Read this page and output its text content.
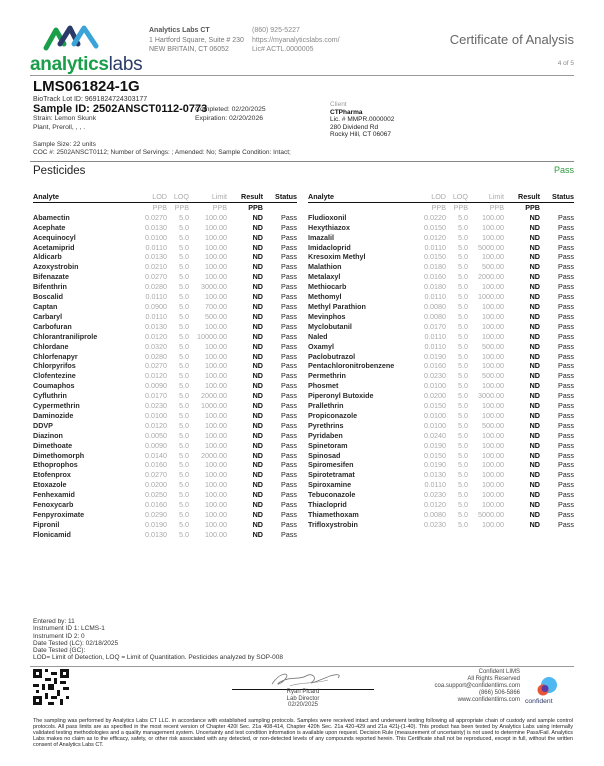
analyticslabs
Analytics Labs CT
1 Hartford Square, Suite # 230
NEW BRITAIN, CT 06052
(860) 925-5227
https://myanalyticslabs.com/
Lic# ACTL.0000005
Certificate of Analysis
4 of 5
LMS061824-1G
BioTrack Lot ID: 9691824724303177
Sample ID: 2502ANSCT0112-0773
Strain: Lemon Skunk
Plant, Preroll, , , .
Completed: 02/20/2025
Expiration: 02/20/2026
Client
CTPharma
Lic. # MMPR.0000002
280 Dividend Rd
Rocky Hill, CT 06067
Sample Size: 22 units
COC #: 2502ANSCT0112; Number of Servings: ; Amended: No; Sample Condition: Intact;
Pesticides	Pass
Analyte	LOD	LOQ	Limit	Result	Status
	PPB	PPB	PPB	PPB	
Abamectin	0.0270	5.0	100.00	ND	Pass
Acephate	0.0130	5.0	100.00	ND	Pass
Acequinocyl	0.0100	5.0	100.00	ND	Pass
Acetamiprid	0.0110	5.0	100.00	ND	Pass
Aldicarb	0.0130	5.0	100.00	ND	Pass
Azoxystrobin	0.0210	5.0	100.00	ND	Pass
Bifenazate	0.0270	5.0	100.00	ND	Pass
Bifenthrin	0.0280	5.0	3000.00	ND	Pass
Boscalid	0.0110	5.0	100.00	ND	Pass
Captan	0.0900	5.0	700.00	ND	Pass
Carbaryl	0.0110	5.0	500.00	ND	Pass
Carbofuran	0.0130	5.0	100.00	ND	Pass
Chlorantraniliprole	0.0120	5.0	10000.00	ND	Pass
Chlordane	0.0320	5.0	100.00	ND	Pass
Chlorfenapyr	0.0280	5.0	100.00	ND	Pass
Chlorpyrifos	0.0270	5.0	100.00	ND	Pass
Clofentezine	0.0120	5.0	100.00	ND	Pass
Coumaphos	0.0090	5.0	100.00	ND	Pass
Cyfluthrin	0.0170	5.0	2000.00	ND	Pass
Cypermethrin	0.0230	5.0	1000.00	ND	Pass
Daminozide	0.0100	5.0	100.00	ND	Pass
DDVP	0.0120	5.0	100.00	ND	Pass
Diazinon	0.0050	5.0	100.00	ND	Pass
Dimethoate	0.0090	5.0	100.00	ND	Pass
Dimethomorph	0.0140	5.0	2000.00	ND	Pass
Ethoprophos	0.0160	5.0	100.00	ND	Pass
Etofenprox	0.0270	5.0	100.00	ND	Pass
Etoxazole	0.0200	5.0	100.00	ND	Pass
Fenhexamid	0.0250	5.0	100.00	ND	Pass
Fenoxycarb	0.0160	5.0	100.00	ND	Pass
Fenpyroximate	0.0290	5.0	100.00	ND	Pass
Fipronil	0.0190	5.0	100.00	ND	Pass
Flonicamid	0.0130	5.0	100.00	ND	Pass
Analyte	LOD	LOQ	Limit	Result	Status
	PPB	PPB	PPB	PPB	
Fludioxonil	0.0220	5.0	100.00	ND	Pass
Hexythiazox	0.0150	5.0	100.00	ND	Pass
Imazalil	0.0120	5.0	100.00	ND	Pass
Imidacloprid	0.0110	5.0	5000.00	ND	Pass
Kresoxim Methyl	0.0150	5.0	100.00	ND	Pass
Malathion	0.0180	5.0	500.00	ND	Pass
Metalaxyl	0.0160	5.0	2000.00	ND	Pass
Methiocarb	0.0180	5.0	100.00	ND	Pass
Methomyl	0.0110	5.0	1000.00	ND	Pass
Methyl Parathion	0.0080	5.0	100.00	ND	Pass
Mevinphos	0.0080	5.0	100.00	ND	Pass
Myclobutanil	0.0170	5.0	100.00	ND	Pass
Naled	0.0110	5.0	100.00	ND	Pass
Oxamyl	0.0110	5.0	500.00	ND	Pass
Paclobutrazol	0.0190	5.0	100.00	ND	Pass
Pentachloronitrobenzene	0.0160	5.0	100.00	ND	Pass
Permethrin	0.0230	5.0	500.00	ND	Pass
Phosmet	0.0100	5.0	100.00	ND	Pass
Piperonyl Butoxide	0.0200	5.0	3000.00	ND	Pass
Prallethrin	0.0150	5.0	100.00	ND	Pass
Propiconazole	0.0100	5.0	100.00	ND	Pass
Pyrethrins	0.0100	5.0	500.00	ND	Pass
Pyridaben	0.0240	5.0	100.00	ND	Pass
Spinetoram	0.0190	5.0	100.00	ND	Pass
Spinosad	0.0150	5.0	100.00	ND	Pass
Spiromesifen	0.0190	5.0	100.00	ND	Pass
Spirotetramat	0.0130	5.0	100.00	ND	Pass
Spiroxamine	0.0110	5.0	100.00	ND	Pass
Tebuconazole	0.0230	5.0	100.00	ND	Pass
Thiacloprid	0.0120	5.0	100.00	ND	Pass
Thiamethoxam	0.0080	5.0	5000.00	ND	Pass
Trifloxystrobin	0.0230	5.0	100.00	ND	Pass
Entered by: 11
Instrument ID 1: LCMS-1
Instrument ID 2: 0
Date Tested (LC): 02/18/2025
Date Tested (GC):
LOD= Limit of Detection, LOQ = Limit of Quantitation. Pesticides analyzed by SOP-008
Ryan Picard
Lab Director
02/20/2025
Confident LIMS
All Rights Reserved
coa.support@confidentlims.com
(866) 506-5866
www.confidentlims.com confident
The sampling was performed by Analytics Labs CT LLC. in accordance with established sampling protocols. Samples were received intact and underwent testing following all appropriate chain of custody and sample control protocols. All pass limits are as specified in the most recent version of Chapter 420l Sec. 21a 408-414, Chapter 420h Sec. 21a 420-429 and 21a 421j-(1-40). This product has been tested by Analytics Labs using internally validated testing methodologies and a quality management system. Uncertainty and test condition information is available upon request. Decision Rule (measurement of uncertainty) is not used to determine Pass/Fail. Analytics Labs makes no claim as to the efficacy, safety, or other risk associated with any detected, or non-detected levels of any compounds reported herein. This Certificate shall not be reproduced, except in full, without the written consent of Analytics Labs CT.
